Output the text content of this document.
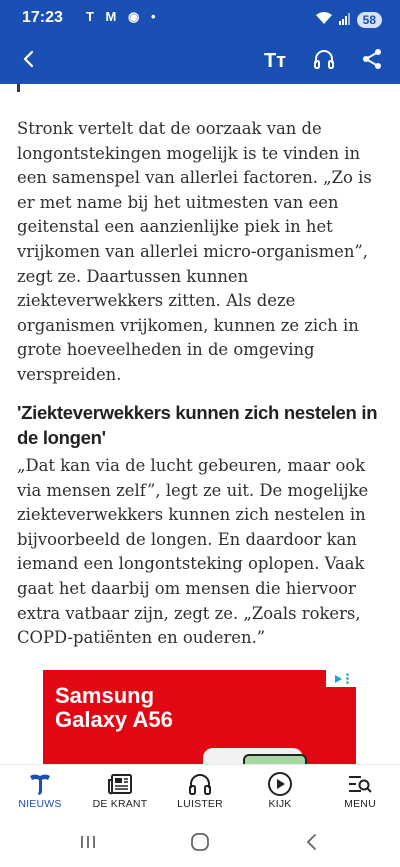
17:23 T M ◉ •	58
Tт

Stronk vertelt dat de oorzaak van de longontstekingen mogelijk is te vinden in een samenspel van allerlei factoren. „Zo is er met name bij het uitmesten van een geitenstal een aanzienlijke piek in het vrijkomen van allerlei micro-organismen”, zegt ze. Daartussen kunnen ziekteverwekkers zitten. Als deze organismen vrijkomen, kunnen ze zich in grote hoeveelheden in de omgeving verspreiden.

'Ziekteverwekkers kunnen zich nestelen in de longen'

„Dat kan via de lucht gebeuren, maar ook via mensen zelf”, legt ze uit. De mogelijke ziekteverwekkers kunnen zich nestelen in bijvoorbeeld de longen. En daardoor kan iemand een longontsteking oplopen. Vaak gaat het daarbij om mensen die hiervoor extra vatbaar zijn, zegt ze. „Zoals rokers, COPD-patiënten en ouderen.”

Samsung
Galaxy A56
NIEUWS	DE KRANT	LUISTER	KIJK	MENU
